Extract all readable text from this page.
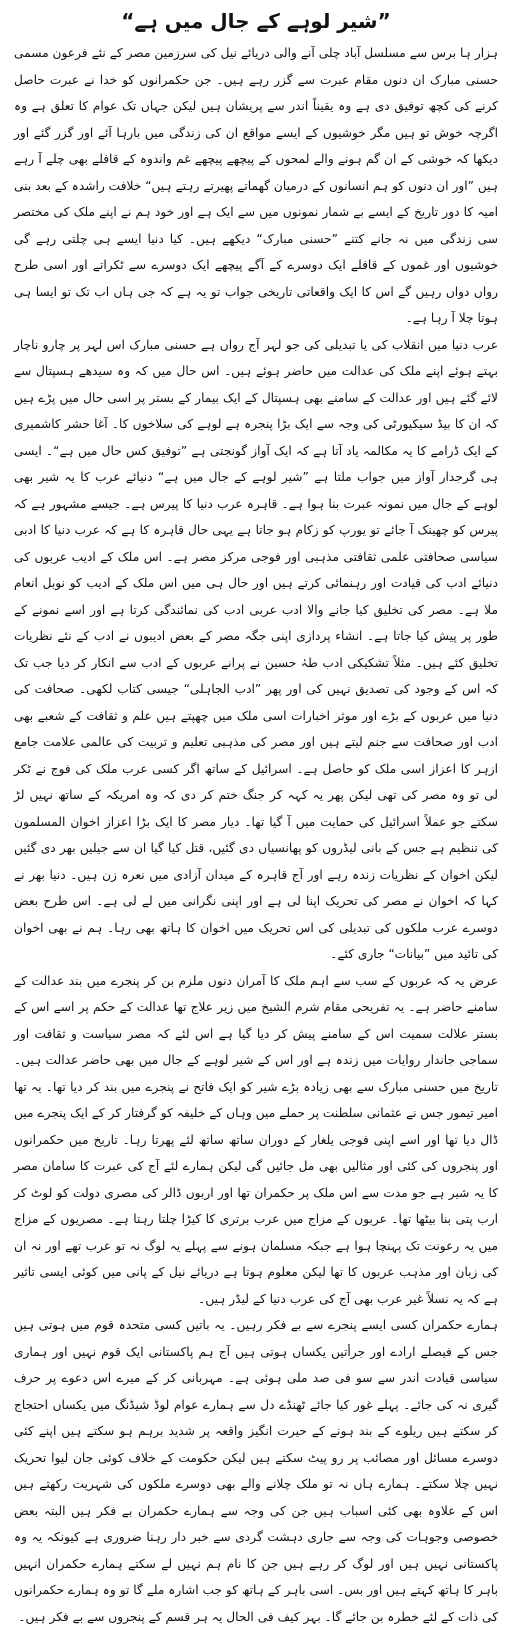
”شیر لوہے کے جال میں ہے“

ہزار ہا برس سے مسلسل آباد چلی آنے والی دریائے نیل کی سرزمین مصر کے نئے فرعون مسمی حسنی مبارک ان دنوں مقام عبرت سے گزر رہے ہیں۔ جن حکمرانوں کو خدا نے عبرت حاصل کرنے کی کچھ توفیق دی ہے وہ یقیناً اندر سے پریشان ہیں لیکن جہاں تک عوام کا تعلق ہے وہ اگرچہ خوش تو ہیں مگر خوشیوں کے ایسے مواقع ان کی زندگی میں بارہا آئے اور گزر گئے اور دیکھا کہ خوشی کے ان گم ہونے والے لمحوں کے پیچھے پیچھے غم واندوہ کے قافلے بھی چلے آ رہے ہیں ”اور ان دنوں کو ہم انسانوں کے درمیان گھماتے پھیرتے رہتے ہیں“ خلافت راشدہ کے بعد بنی امیہ کا دور تاریخ کے ایسے بے شمار نمونوں میں سے ایک ہے اور خود ہم نے اپنے ملک کی مختصر سی زندگی میں نہ جانے کتنے ”حسنی مبارک“ دیکھے ہیں۔ کیا دنیا ایسے ہی چلتی رہے گی خوشیوں اور غموں کے قافلے ایک دوسرے کے آگے پیچھے ایک دوسرے سے ٹکراتے اور اسی طرح رواں دواں رہیں گے اس کا ایک واقعاتی تاریخی جواب تو یہ ہے کہ جی ہاں اب تک تو ایسا ہی ہوتا چلا آ رہا ہے۔

عرب دنیا میں انقلاب کی یا تبدیلی کی جو لہر آج رواں ہے حسنی مبارک اس لہر پر چارو ناچار بہتے ہوئے اپنے ملک کی عدالت میں حاضر ہوئے ہیں۔ اس حال میں کہ وہ سیدھے ہسپتال سے لائے گئے ہیں اور عدالت کے سامنے بھی ہسپتال کے ایک بیمار کے بستر پر اسی حال میں پڑے ہیں کہ ان کا بیڈ سیکیورٹی کی وجہ سے ایک بڑا پنجرہ ہے لوہے کی سلاخوں کا۔ آغا حشر کاشمیری کے ایک ڈرامے کا یہ مکالمہ یاد آتا ہے کہ ایک آواز گونجتی ہے ”توفیق کس حال میں ہے“۔ ایسی ہی گرجدار آواز میں جواب ملتا ہے ”شیر لوہے کے جال میں ہے“ دنیائے عرب کا یہ شیر بھی لوہے کے جال میں نمونہ عبرت بنا ہوا ہے۔ قاہرہ عرب دنیا کا پیرس ہے۔ جیسے مشہور ہے کہ پیرس کو چھینک آ جائے تو یورپ کو زکام ہو جاتا ہے یہی حال قاہرہ کا ہے کہ عرب دنیا کا ادبی سیاسی صحافتی علمی ثقافتی مذہبی اور فوجی مرکز مصر ہے۔ اس ملک کے ادیب عربوں کی دنیائے ادب کی قیادت اور رہنمائی کرتے ہیں اور حال ہی میں اس ملک کے ادیب کو نوبل انعام ملا ہے۔ مصر کی تخلیق کیا جانے والا ادب عربی ادب کی نمائندگی کرتا ہے اور اسے نمونے کے طور پر پیش کیا جاتا ہے۔ انشاء پردازی اپنی جگہ مصر کے بعض ادیبوں نے ادب کے نئے نظریات تخلیق کئے ہیں۔ مثلاً تشکیکی ادب طہٰ حسین نے پرانے عربوں کے ادب سے انکار کر دیا جب تک کہ اس کے وجود کی تصدیق نہیں کی اور پھر ”ادب الجاہلی“ جیسی کتاب لکھی۔ صحافت کی دنیا میں عربوں کے بڑے اور موثر اخبارات اسی ملک میں چھپتے ہیں علم و ثقافت کے شعبے بھی ادب اور صحافت سے جنم لیتے ہیں اور مصر کی مذہبی تعلیم و تربیت کی عالمی علامت جامع ازہر کا اعزاز اسی ملک کو حاصل ہے۔ اسرائیل کے ساتھ اگر کسی عرب ملک کی فوج نے ٹکر لی تو وہ مصر کی تھی لیکن پھر یہ کہہ کر جنگ ختم کر دی کہ وہ امریکہ کے ساتھ نہیں لڑ سکتے جو عملاً اسرائیل کی حمایت میں آ گیا تھا۔ دیار مصر کا ایک بڑا اعزاز اخوان المسلمون کی تنظیم ہے جس کے بانی لیڈروں کو پھانسیاں دی گئیں، قتل کیا گیا ان سے جیلیں بھر دی گئیں لیکن اخوان کے نظریات زندہ رہے اور آج قاہرہ کے میدان آزادی میں نعرہ زن ہیں۔ دنیا بھر نے کہا کہ اخوان نے مصر کی تحریک اپنا لی ہے اور اپنی نگرانی میں لے لی ہے۔ اس طرح بعض دوسرے عرب ملکوں کی تبدیلی کی اس تحریک میں اخوان کا ہاتھ بھی رہا۔ ہم نے بھی اخوان کی تائید میں ”بیانات“ جاری کئے۔

عرض یہ کہ عربوں کے سب سے اہم ملک کا آمران دنوں ملزم بن کر پنجرے میں بند عدالت کے سامنے حاضر ہے۔ یہ تفریحی مقام شرم الشیخ میں زیر علاج تھا عدالت کے حکم پر اسے اس کے بستر علالت سمیت اس کے سامنے پیش کر دیا گیا ہے اس لئے کہ مصر سیاست و ثقافت اور سماجی جاندار روایات میں زندہ ہے اور اس کے شیر لوہے کے جال میں بھی حاضر عدالت ہیں۔ تاریخ میں حسنی مبارک سے بھی زیادہ بڑے شیر کو ایک فاتح نے پنجرے میں بند کر دیا تھا۔ یہ تھا امیر تیمور جس نے عثمانی سلطنت پر حملے میں وہاں کے خلیفہ کو گرفتار کر کے ایک پنجرے میں ڈال دیا تھا اور اسے اپنی فوجی یلغار کے دوران ساتھ ساتھ لئے پھرتا رہا۔ تاریخ میں حکمرانوں اور پنجروں کی کئی اور مثالیں بھی مل جائیں گی لیکن ہمارے لئے آج کی عبرت کا سامان مصر کا یہ شیر ہے جو مدت سے اس ملک پر حکمران تھا اور اربوں ڈالر کی مصری دولت کو لوٹ کر ارب پتی بنا بیٹھا تھا۔ عربوں کے مزاج میں عرب برتری کا کیڑا چلتا رہتا ہے۔ مصریوں کے مزاج میں یہ رعونت تک پہنچا ہوا ہے جبکہ مسلمان ہونے سے پہلے یہ لوگ نہ تو عرب تھے اور نہ ان کی زبان اور مذہب عربوں کا تھا لیکن معلوم ہوتا ہے دریائے نیل کے پانی میں کوئی ایسی تاثیر ہے کہ یہ نسلاً غیر عرب بھی آج کی عرب دنیا کے لیڈر ہیں۔

ہمارے حکمران کسی ایسے پنجرے سے بے فکر رہیں۔ یہ باتیں کسی متحدہ قوم میں ہوتی ہیں جس کے فیصلے ارادے اور جرأتیں یکساں ہوتی ہیں آج ہم پاکستانی ایک قوم نہیں اور ہماری سیاسی قیادت اندر سے سو فی صد ملی ہوئی ہے۔ مہربانی کر کے میرے اس دعوے پر حرف گیری نہ کی جائے۔ پہلے غور کیا جائے ٹھنڈے دل سے ہمارے عوام لوڈ شیڈنگ میں یکساں احتجاج کر سکتے ہیں ریلوے کے بند ہونے کے حیرت انگیز واقعہ پر شدید برہم ہو سکتے ہیں اپنے کئی دوسرے مسائل اور مصائب پر رو پیٹ سکتے ہیں لیکن حکومت کے خلاف کوئی جان لیوا تحریک نہیں چلا سکتے۔ ہمارے ہاں نہ تو ملک چلانے والے بھی دوسرے ملکوں کی شہریت رکھتے ہیں اس کے علاوہ بھی کئی اسباب ہیں جن کی وجہ سے ہمارے حکمران بے فکر ہیں البتہ بعض خصوصی وجوہات کی وجہ سے جاری دہشت گردی سے خبر دار رہنا ضروری ہے کیونکہ یہ وہ پاکستانی نہیں ہیں اور لوگ کر رہے ہیں جن کا نام ہم نہیں لے سکتے ہمارے حکمران انہیں باہر کا ہاتھ کہتے ہیں اور بس۔ اسی باہر کے ہاتھ کو جب اشارہ ملے گا تو وہ ہمارے حکمرانوں کی ذات کے لئے خطرہ بن جائے گا۔ بہر کیف فی الحال یہ ہر قسم کے پنجروں سے بے فکر ہیں۔
